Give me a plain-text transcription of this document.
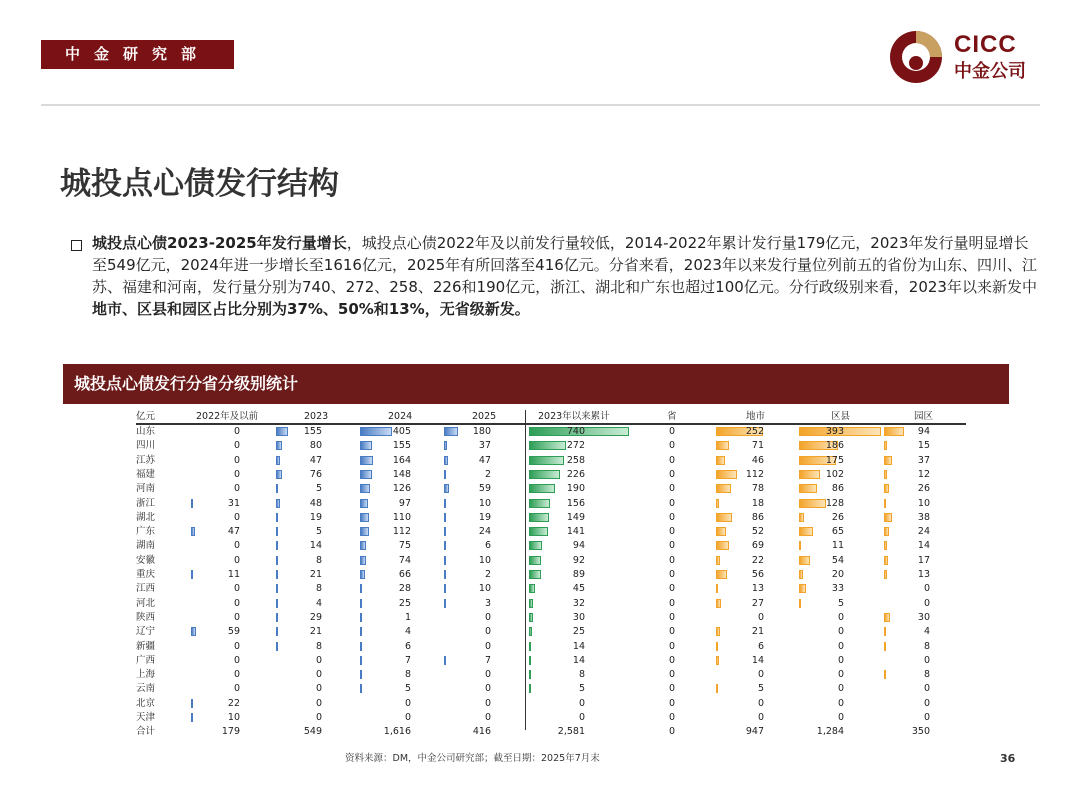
中金研究部	CICC
中金公司
城投点心债发行结构
城投点心债2023-2025年发行量增长，城投点心债2022年及以前发行量较低，2014-2022年累计发行量179亿元，2023年发行量明显增长至549亿元，2024年进一步增长至1616亿元，2025年有所回落至416亿元。分省来看，2023年以来发行量位列前五的省份为山东、四川、江苏、福建和河南，发行量分别为740、272、258、226和190亿元，浙江、湖北和广东也超过100亿元。分行政级别来看，2023年以来新发中地市、区县和园区占比分别为37%、50%和13%，无省级新发。
城投点心债发行分省分级别统计
亿元	2022年及以前	2023	2024	2025	2023年以来累计	省	地市	区县	园区
山东	0	155	405	180	740	0	252	393	94
四川	0	80	155	37	272	0	71	186	15
江苏	0	47	164	47	258	0	46	175	37
福建	0	76	148	2	226	0	112	102	12
河南	0	5	126	59	190	0	78	86	26
浙江	31	48	97	10	156	0	18	128	10
湖北	0	19	110	19	149	0	86	26	38
广东	47	5	112	24	141	0	52	65	24
湖南	0	14	75	6	94	0	69	11	14
安徽	0	8	74	10	92	0	22	54	17
重庆	11	21	66	2	89	0	56	20	13
江西	0	8	28	10	45	0	13	33	0
河北	0	4	25	3	32	0	27	5	0
陕西	0	29	1	0	30	0	0	0	30
辽宁	59	21	4	0	25	0	21	0	4
新疆	0	8	6	0	14	0	6	0	8
广西	0	0	7	7	14	0	14	0	0
上海	0	0	8	0	8	0	0	0	8
云南	0	0	5	0	5	0	5	0	0
北京	22	0	0	0	0	0	0	0	0
天津	10	0	0	0	0	0	0	0	0
合计	179	549	1,616	416	2,581	0	947	1,284	350
资料来源：DM，中金公司研究部；截至日期：2025年7月末	36
